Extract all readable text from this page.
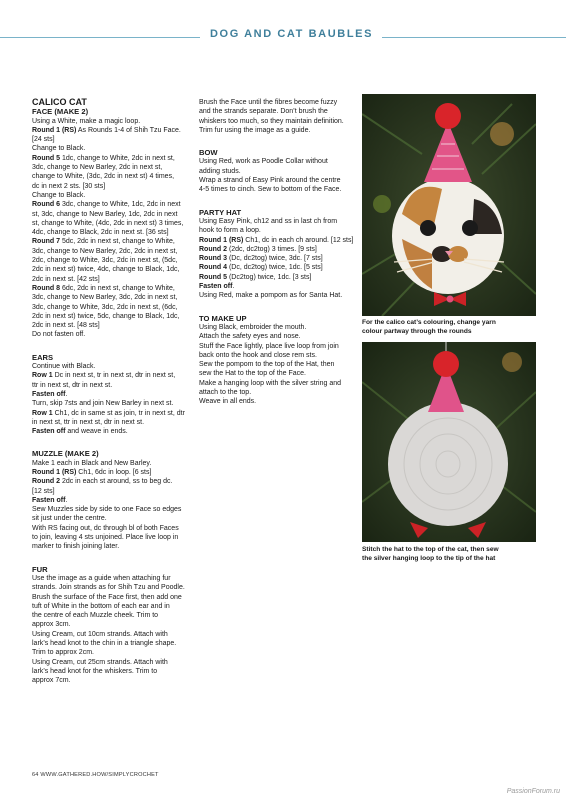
DOG AND CAT BAUBLES

CALICO CAT

FACE (MAKE 2)

Using a White, make a magic loop.

Round 1 (RS) As Rounds 1-4 of Shih Tzu Face.

[24 sts]

Change to Black.

Round 5 1dc, change to White, 2dc in next st,

3dc, change to New Barley, 2dc in next st,

change to White, (3dc, 2dc in next st) 4 times,

dc in next 2 sts. [30 sts]

Change to Black.

Round 6 3dc, change to White, 1dc, 2dc in next

st, 3dc, change to New Barley, 1dc, 2dc in next

st, change to White, (4dc, 2dc in next st) 3 times,

4dc, change to Black, 2dc in next st. [36 sts]

Round 7 5dc, 2dc in next st, change to White,

3dc, change to New Barley, 2dc, 2dc in next st,

2dc, change to White, 3dc, 2dc in next st, (5dc,

2dc in next st) twice, 4dc, change to Black, 1dc,

2dc in next st. [42 sts]

Round 8 6dc, 2dc in next st, change to White,

3dc, change to New Barley, 3dc, 2dc in next st,

3dc, change to White, 3dc, 2dc in next st, (6dc,

2dc in next st) twice, 5dc, change to Black, 1dc,

2dc in next st. [48 sts]

Do not fasten off.

EARS

Continue with Black.

Row 1 Dc in next st, tr in next st, dtr in next st,

ttr in next st, dtr in next st.

Fasten off.

Turn, skip 7sts and join New Barley in next st.

Row 1 Ch1, dc in same st as join, tr in next st, dtr

in next st, ttr in next st, dtr in next st.

Fasten off and weave in ends.

MUZZLE (MAKE 2)

Make 1 each in Black and New Barley.

Round 1 (RS) Ch1, 6dc in loop. [6 sts]

Round 2 2dc in each st around, ss to beg dc.

[12 sts]

Fasten off.

Sew Muzzles side by side to one Face so edges

sit just under the centre.

With RS facing out, dc through bl of both Faces

to join, leaving 4 sts unjoined. Place live loop in

marker to finish joining later.

FUR

Use the image as a guide when attaching fur

strands. Join strands as for Shih Tzu and Poodle.

Brush the surface of the Face first, then add one

tuft of White in the bottom of each ear and in

the centre of each Muzzle cheek. Trim to

approx 3cm.

Using Cream, cut 10cm strands. Attach with

lark’s head knot to the chin in a triangle shape.

Trim to approx 2cm.

Using Cream, cut 25cm strands. Attach with

lark’s head knot for the whiskers. Trim to

approx 7cm.

Brush the Face until the fibres become fuzzy

and the strands separate. Don’t brush the

whiskers too much, so they maintain definition.

Trim fur using the image as a guide.

BOW

Using Red, work as Poodle Collar without

adding studs.

Wrap a strand of Easy Pink around the centre

4-5 times to cinch. Sew to bottom of the Face.

PARTY HAT

Using Easy Pink, ch12 and ss in last ch from

hook to form a loop.

Round 1 (RS) Ch1, dc in each ch around. [12 sts]

Round 2 (2dc, dc2tog) 3 times. [9 sts]

Round 3 (Dc, dc2tog) twice, 3dc. [7 sts]

Round 4 (Dc, dc2tog) twice, 1dc. [5 sts]

Round 5 (Dc2tog) twice, 1dc. [3 sts]

Fasten off.

Using Red, make a pompom as for Santa Hat.

TO MAKE UP

Using Black, embroider the mouth.

Attach the safety eyes and nose.

Stuff the Face lightly, place live loop from join

back onto the hook and close rem sts.

Sew the pompom to the top of the Hat, then

sew the Hat to the top of the Face.

Make a hanging loop with the silver string and

attach to the top.

Weave in all ends.

For the calico cat’s colouring, change yarn
colour partway through the rounds
Stitch the hat to the top of the cat, then sew
the silver hanging loop to the tip of the hat
64 WWW.GATHERED.HOW/SIMPLYCROCHET
PassionForum.ru
